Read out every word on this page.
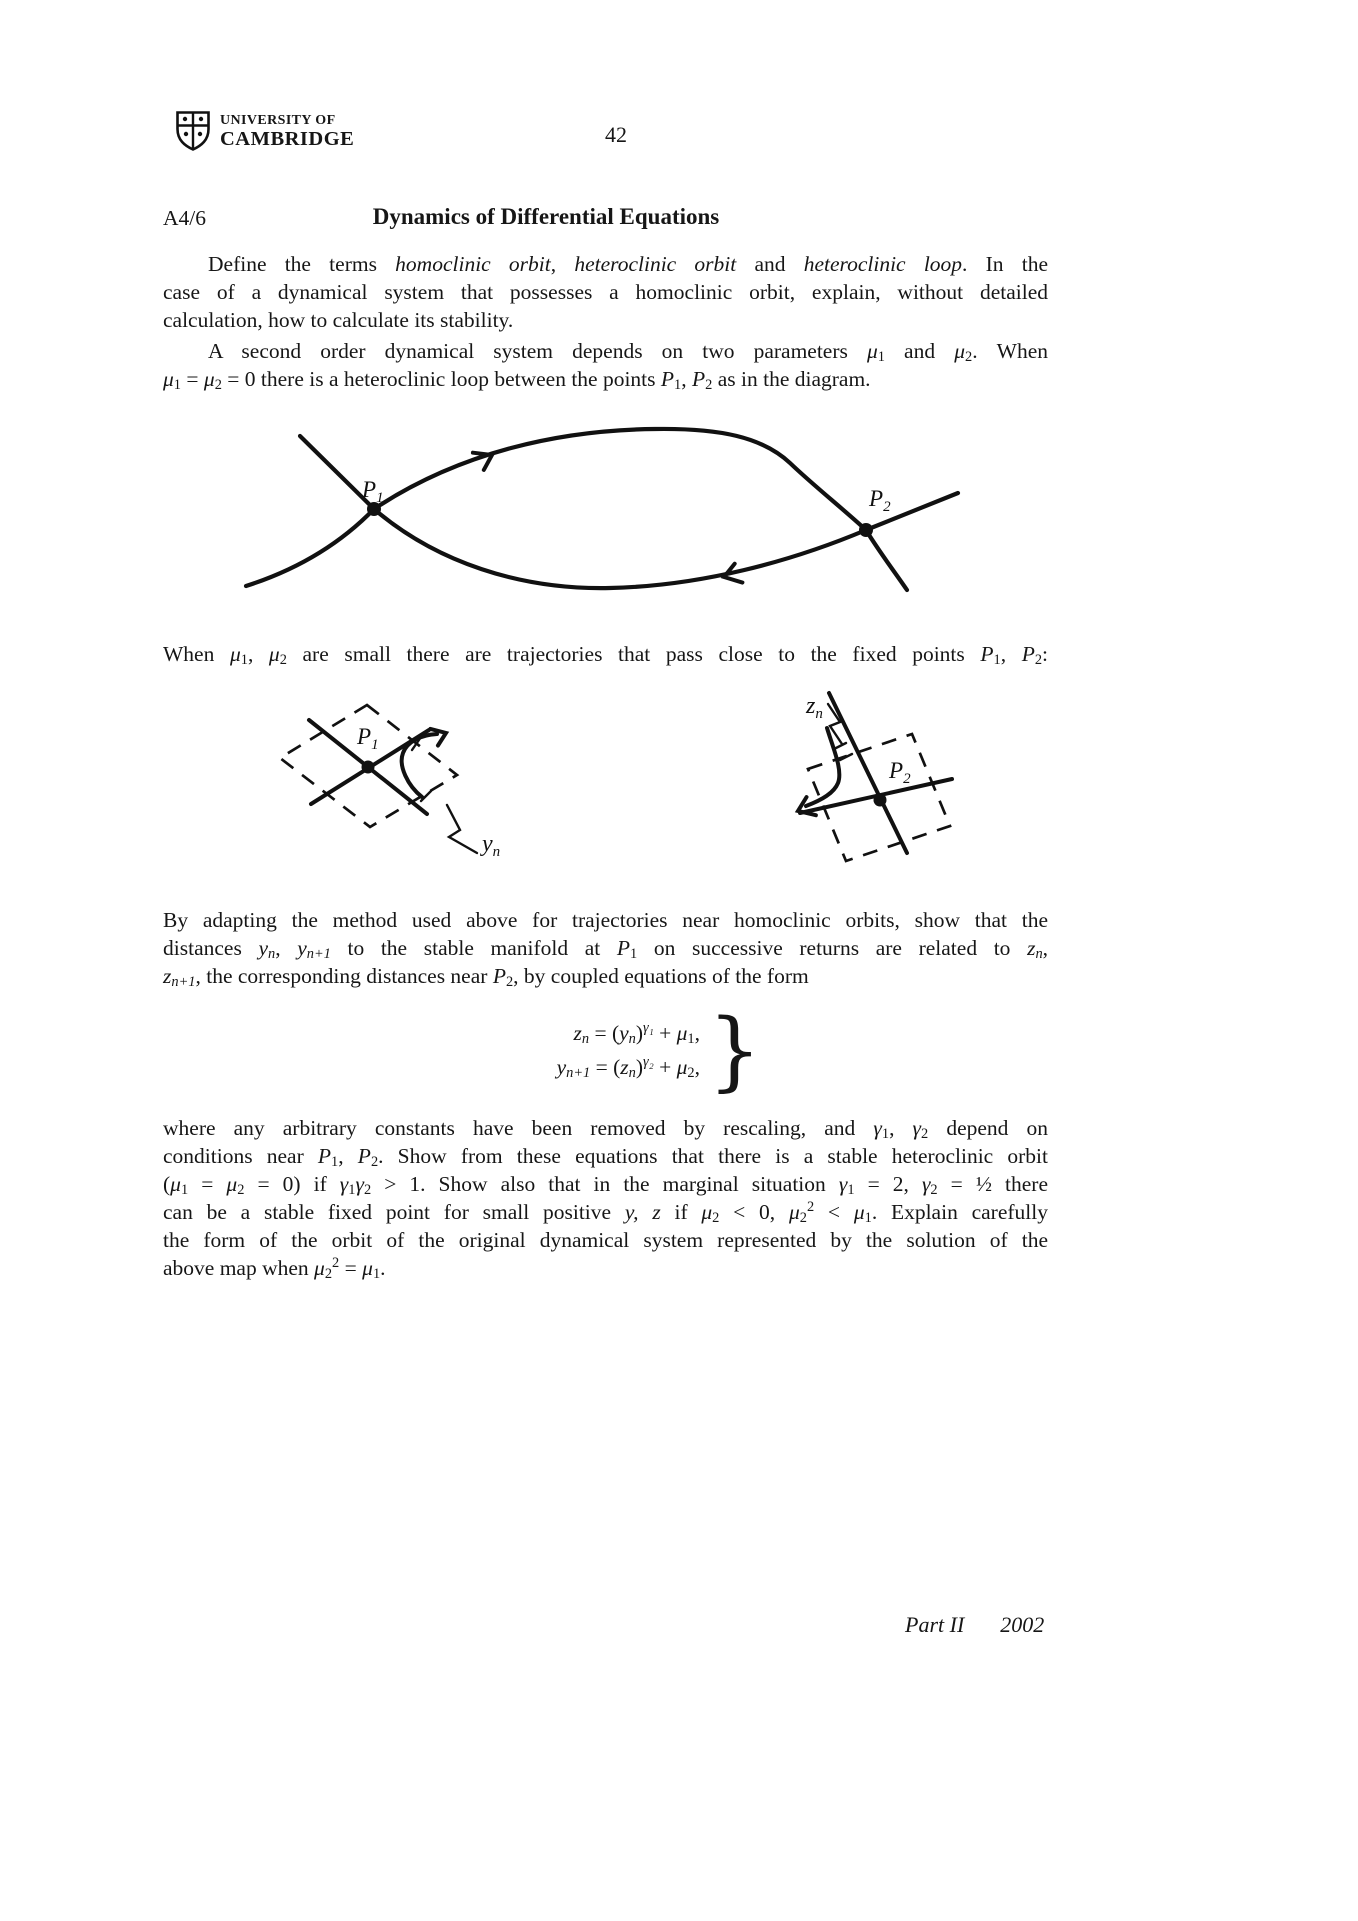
UNIVERSITY OF
CAMBRIDGE	42
A4/6	Dynamics of Differential Equations
Define the terms homoclinic orbit, heteroclinic orbit and heteroclinic loop. In the
case of a dynamical system that possesses a homoclinic orbit, explain, without detailed
calculation, how to calculate its stability.
A second order dynamical system depends on two parameters $\mu_1$ and $\mu_2$. When
$\mu_1 = \mu_2 = 0$ there is a heteroclinic loop between the points $P_1$, $P_2$ as in the diagram.
When $\mu_1$, $\mu_2$ are small there are trajectories that pass close to the fixed points $P_1$, $P_2$:
By adapting the method used above for trajectories near homoclinic orbits, show that the
distances $y_n$, $y_{n+1}$ to the stable manifold at $P_1$ on successive returns are related to $z_n$,
$z_{n+1}$, the corresponding distances near $P_2$, by coupled equations of the form
where any arbitrary constants have been removed by rescaling, and $\gamma_1$, $\gamma_2$ depend on
conditions near $P_1$, $P_2$. Show from these equations that there is a stable heteroclinic orbit
$(\mu_1 = \mu_2 = 0)$ if $\gamma_1\gamma_2 > 1$. Show also that in the marginal situation $\gamma_1 = 2$, $\gamma_2$ = ½ there
can be a stable fixed point for small positive y, z if $\mu_2 < 0$, $\mu_2^2 < \mu_1$. Explain carefully
the form of the orbit of the original dynamical system represented by the solution of the
above map when $\mu_2^2 = \mu_1$.
$P_1$	$P_2$
$P_1$
$y_n$
$P_2$
$z_n$
$z_n = (y_n)^{\gamma_1} + \mu_1$,
$y_{n+1} = (z_n)^{\gamma_2} + \mu_2$, }
Part II 2002
